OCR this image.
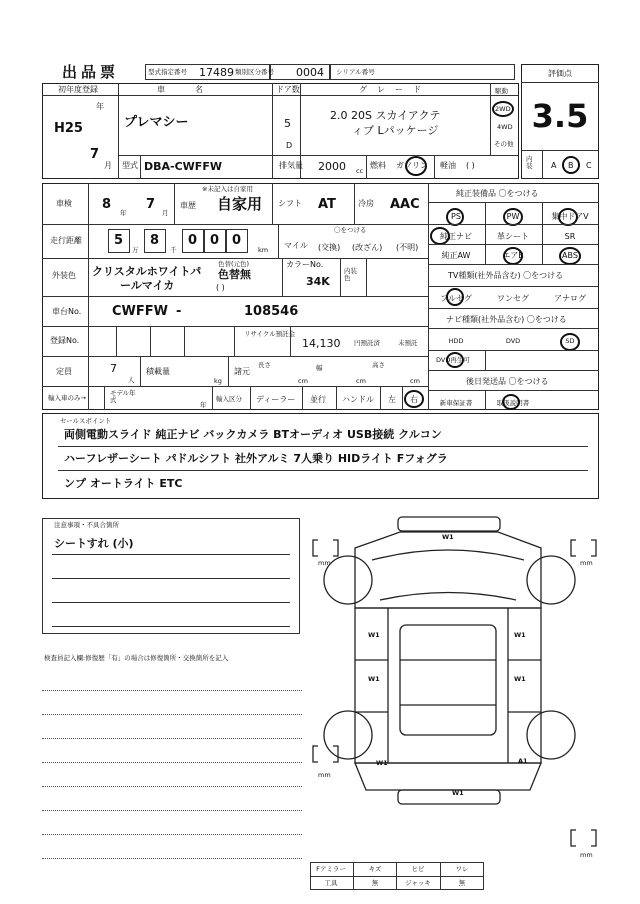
出品票	型式指定番号 17489 類別区分番号 0004 シリアル番号	評価点
3.5
初年度登録
年
H25
7
月
車名
プレマシー
ドア数
5
D
グレード
2.0 20S スカイアクテ
ィブ Lパッケージ
駆動
2WD
4WD
その他
型式 DBA-CWFFW	排気量 2000 cc
燃料 ガソリン 軽油 ( )
内装	A B C
車検 8
年
7
月
※未記入は自家用
車歴 自家用 シフト AT	冷房 AAC
走行距離 5
万
8
千
0 0 0
km
〇をつける
マイル (交換) (改ざん) (不明)
外装色 クリスタルホワイトパ
ールマイカ
色替(元色)
色替無
( )
カラーNo.
34K
内装色
車台No. CWFFW -	108546
登録No.
リサイクル預託金
14,130 円預託済	未預託
定員	7
人
積載量
kg
諸元
長さ
cm
幅
cm
高さ
cm
輸入車のみ→
モデル年式
年
輸入区分 ディーラー 並行 ハンドル 左 右
純正装備品 〇をつける
PS	PW	集中ドアV
純正ナビ	革シート	SR
純正AW	エアB	ABS
TV種類(社外品含む) 〇をつける
フルセグ	ワンセグ	アナログ
ナビ種類(社外品含む) 〇をつける
HDD	DVD	SD
DVD再生可
後日発送品 〇をつける
新車保証書	取扱説明書
セールスポイント
両側電動スライド 純正ナビ バックカメラ BTオーディオ USB接続 クルコン
ハーフレザーシート パドルシフト 社外アルミ 7人乗り HIDライト Fフォグラ
ンプ オートライト ETC
注意事項・不具合箇所
シートすれ (小)
検査員記入欄:修復歴「有」の場合は修復箇所・交換箇所を記入
W1
W1
W1
W1
W1
W1	A1
W1
mm	mm
mm
mm
Fアミラー	キズ	ヒビ	ワレ
工具	無	ジャッキ	無
